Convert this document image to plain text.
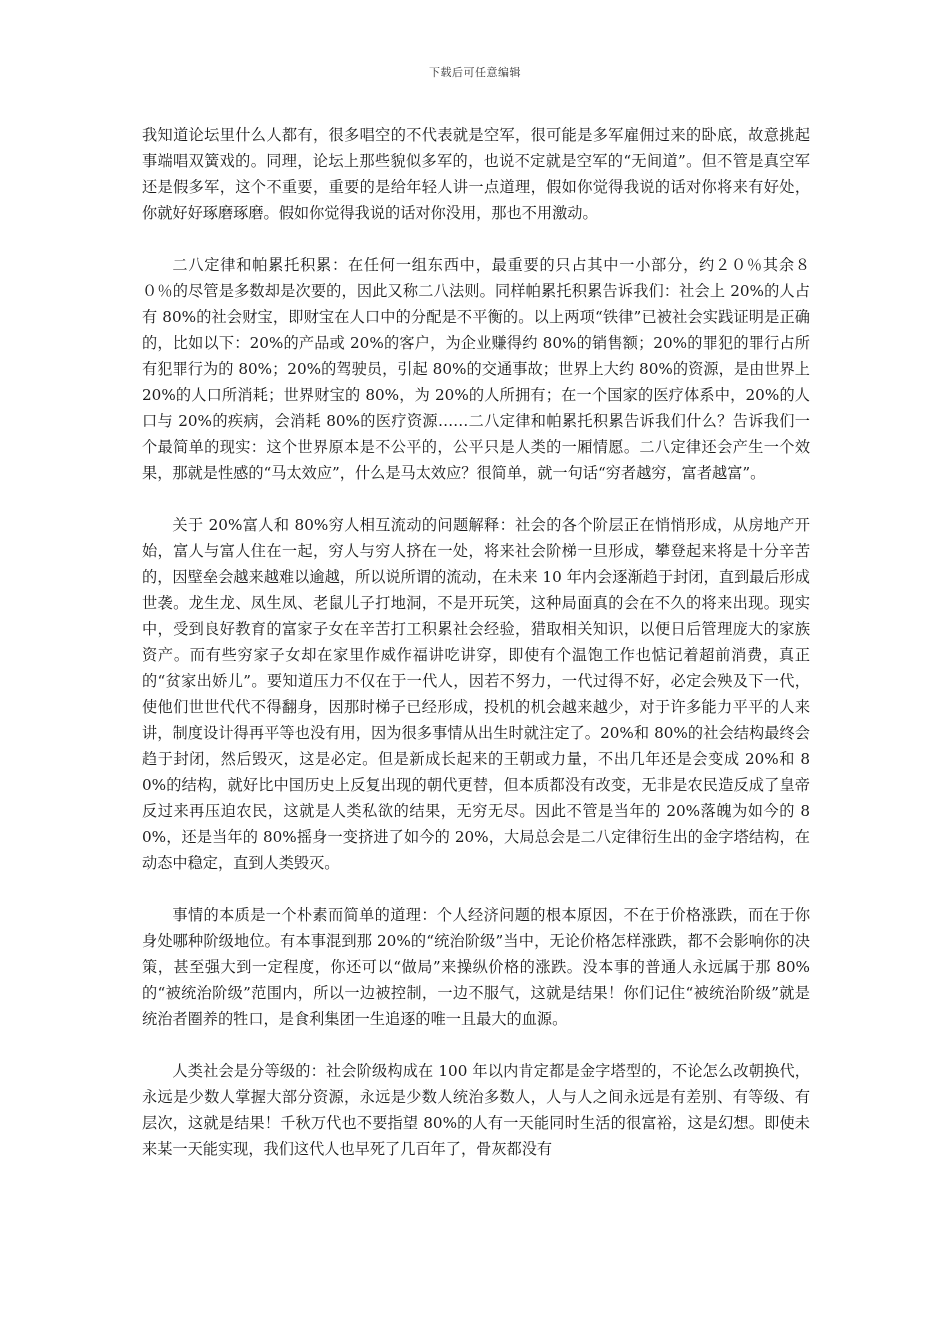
下载后可任意编辑

我知道论坛里什么人都有，很多唱空的不代表就是空军，很可能是多军雇佣过来的卧底，故意挑起事端唱双簧戏的。同理，论坛上那些貌似多军的，也说不定就是空军的“无间道”。但不管是真空军还是假多军，这个不重要，重要的是给年轻人讲一点道理，假如你觉得我说的话对你将来有好处，你就好好琢磨琢磨。假如你觉得我说的话对你没用，那也不用激动。

二八定律和帕累托积累：在任何一组东西中，最重要的只占其中一小部分，约２０％其余８０％的尽管是多数却是次要的，因此又称二八法则。同样帕累托积累告诉我们：社会上 20%的人占有 80%的社会财宝，即财宝在人口中的分配是不平衡的。以上两项“铁律”已被社会实践证明是正确的，比如以下：20%的产品或 20%的客户，为企业赚得约 80%的销售额；20%的罪犯的罪行占所有犯罪行为的 80%；20%的驾驶员，引起 80%的交通事故；世界上大约 80%的资源，是由世界上 20%的人口所消耗；世界财宝的 80%，为 20%的人所拥有；在一个国家的医疗体系中，20%的人口与 20%的疾病，会消耗 80%的医疗资源……二八定律和帕累托积累告诉我们什么？告诉我们一个最简单的现实：这个世界原本是不公平的，公平只是人类的一厢情愿。二八定律还会产生一个效果，那就是性感的“马太效应”，什么是马太效应？很简单，就一句话“穷者越穷，富者越富”。

关于 20%富人和 80%穷人相互流动的问题解释：社会的各个阶层正在悄悄形成，从房地产开始，富人与富人住在一起，穷人与穷人挤在一处，将来社会阶梯一旦形成，攀登起来将是十分辛苦的，因壁垒会越来越难以逾越，所以说所谓的流动，在未来 10 年内会逐渐趋于封闭，直到最后形成世袭。龙生龙、凤生凤、老鼠儿子打地洞，不是开玩笑，这种局面真的会在不久的将来出现。现实中，受到良好教育的富家子女在辛苦打工积累社会经验，猎取相关知识，以便日后管理庞大的家族资产。而有些穷家子女却在家里作威作福讲吃讲穿，即使有个温饱工作也惦记着超前消费，真正的“贫家出娇儿”。要知道压力不仅在于一代人，因若不努力，一代过得不好，必定会殃及下一代，使他们世世代代不得翻身，因那时梯子已经形成，投机的机会越来越少，对于许多能力平平的人来讲，制度设计得再平等也没有用，因为很多事情从出生时就注定了。20%和 80%的社会结构最终会趋于封闭，然后毁灭，这是必定。但是新成长起来的王朝或力量，不出几年还是会变成 20%和 80%的结构，就好比中国历史上反复出现的朝代更替，但本质都没有改变，无非是农民造反成了皇帝反过来再压迫农民，这就是人类私欲的结果，无穷无尽。因此不管是当年的 20%落魄为如今的 80%，还是当年的 80%摇身一变挤进了如今的 20%，大局总会是二八定律衍生出的金字塔结构，在动态中稳定，直到人类毁灭。

事情的本质是一个朴素而简单的道理：个人经济问题的根本原因，不在于价格涨跌，而在于你身处哪种阶级地位。有本事混到那 20%的“统治阶级”当中，无论价格怎样涨跌，都不会影响你的决策，甚至强大到一定程度，你还可以“做局”来操纵价格的涨跌。没本事的普通人永远属于那 80%的“被统治阶级”范围内，所以一边被控制，一边不服气，这就是结果！你们记住“被统治阶级”就是统治者圈养的牲口，是食利集团一生追逐的唯一且最大的血源。

人类社会是分等级的：社会阶级构成在 100 年以内肯定都是金字塔型的，不论怎么改朝换代，永远是少数人掌握大部分资源，永远是少数人统治多数人，人与人之间永远是有差别、有等级、有层次，这就是结果！千秋万代也不要指望 80%的人有一天能同时生活的很富裕，这是幻想。即使未来某一天能实现，我们这代人也早死了几百年了，骨灰都没有
